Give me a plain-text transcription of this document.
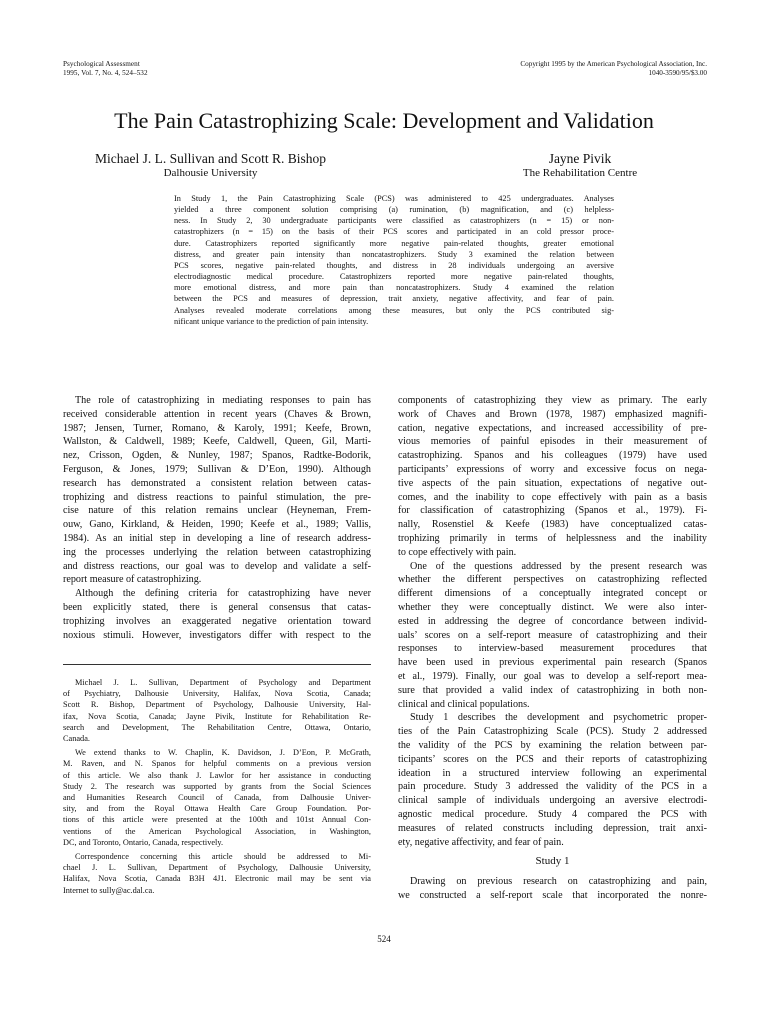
Psychological Assessment
1995, Vol. 7, No. 4, 524–532
Copyright 1995 by the American Psychological Association, Inc.
1040-3590/95/$3.00
The Pain Catastrophizing Scale: Development and Validation
Michael J. L. Sullivan and Scott R. Bishop
Dalhousie University
Jayne Pivik
The Rehabilitation Centre
In Study 1, the Pain Catastrophizing Scale (PCS) was administered to 425 undergraduates. Analyses
yielded a three component solution comprising (a) rumination, (b) magnification, and (c) helpless-
ness. In Study 2, 30 undergraduate participants were classified as catastrophizers (n = 15) or non-
catastrophizers (n = 15) on the basis of their PCS scores and participated in an cold pressor proce-
dure. Catastrophizers reported significantly more negative pain-related thoughts, greater emotional
distress, and greater pain intensity than noncatastrophizers. Study 3 examined the relation between
PCS scores, negative pain-related thoughts, and distress in 28 individuals undergoing an aversive
electrodiagnostic medical procedure. Catastrophizers reported more negative pain-related thoughts,
more emotional distress, and more pain than noncatastrophizers. Study 4 examined the relation
between the PCS and measures of depression, trait anxiety, negative affectivity, and fear of pain.
Analyses revealed moderate correlations among these measures, but only the PCS contributed sig-
nificant unique variance to the prediction of pain intensity.
The role of catastrophizing in mediating responses to pain has
received considerable attention in recent years (Chaves & Brown,
1987; Jensen, Turner, Romano, & Karoly, 1991; Keefe, Brown,
Wallston, & Caldwell, 1989; Keefe, Caldwell, Queen, Gil, Marti-
nez, Crisson, Ogden, & Nunley, 1987; Spanos, Radtke-Bodorik,
Ferguson, & Jones, 1979; Sullivan & D’Eon, 1990). Although
research has demonstrated a consistent relation between catas-
trophizing and distress reactions to painful stimulation, the pre-
cise nature of this relation remains unclear (Heyneman, Frem-
ouw, Gano, Kirkland, & Heiden, 1990; Keefe et al., 1989; Vallis,
1984). As an initial step in developing a line of research address-
ing the processes underlying the relation between catastrophizing
and distress reactions, our goal was to develop and validate a self-
report measure of catastrophizing.
Although the defining criteria for catastrophizing have never
been explicitly stated, there is general consensus that catas-
trophizing involves an exaggerated negative orientation toward
noxious stimuli. However, investigators differ with respect to the
Michael J. L. Sullivan, Department of Psychology and Department
of Psychiatry, Dalhousie University, Halifax, Nova Scotia, Canada;
Scott R. Bishop, Department of Psychology, Dalhousie University, Hal-
ifax, Nova Scotia, Canada; Jayne Pivik, Institute for Rehabilitation Re-
search and Development, The Rehabilitation Centre, Ottawa, Ontario,
Canada.
We extend thanks to W. Chaplin, K. Davidson, J. D’Eon, P. McGrath,
M. Raven, and N. Spanos for helpful comments on a previous version
of this article. We also thank J. Lawlor for her assistance in conducting
Study 2. The research was supported by grants from the Social Sciences
and Humanities Research Council of Canada, from Dalhousie Univer-
sity, and from the Royal Ottawa Health Care Group Foundation. Por-
tions of this article were presented at the 100th and 101st Annual Con-
ventions of the American Psychological Association, in Washington,
DC, and Toronto, Ontario, Canada, respectively.
Correspondence concerning this article should be addressed to Mi-
chael J. L. Sullivan, Department of Psychology, Dalhousie University,
Halifax, Nova Scotia, Canada B3H 4J1. Electronic mail may be sent via
Internet to sully@ac.dal.ca.
components of catastrophizing they view as primary. The early
work of Chaves and Brown (1978, 1987) emphasized magnifi-
cation, negative expectations, and increased accessibility of pre-
vious memories of painful episodes in their measurement of
catastrophizing. Spanos and his colleagues (1979) have used
participants’ expressions of worry and excessive focus on nega-
tive aspects of the pain situation, expectations of negative out-
comes, and the inability to cope effectively with pain as a basis
for classification of catastrophizing (Spanos et al., 1979). Fi-
nally, Rosenstiel & Keefe (1983) have conceptualized catas-
trophizing primarily in terms of helplessness and the inability
to cope effectively with pain.
One of the questions addressed by the present research was
whether the different perspectives on catastrophizing reflected
different dimensions of a conceptually integrated concept or
whether they were conceptually distinct. We were also inter-
ested in addressing the degree of concordance between individ-
uals’ scores on a self-report measure of catastrophizing and their
responses to interview-based measurement procedures that
have been used in previous experimental pain research (Spanos
et al., 1979). Finally, our goal was to develop a self-report mea-
sure that provided a valid index of catastrophizing in both non-
clinical and clinical populations.
Study 1 describes the development and psychometric proper-
ties of the Pain Catastrophizing Scale (PCS). Study 2 addressed
the validity of the PCS by examining the relation between par-
ticipants’ scores on the PCS and their reports of catastrophizing
ideation in a structured interview following an experimental
pain procedure. Study 3 addressed the validity of the PCS in a
clinical sample of individuals undergoing an aversive electrodi-
agnostic medical procedure. Study 4 compared the PCS with
measures of related constructs including depression, trait anxi-
ety, negative affectivity, and fear of pain.
Study 1
Drawing on previous research on catastrophizing and pain,
we constructed a self-report scale that incorporated the nonre-
524
